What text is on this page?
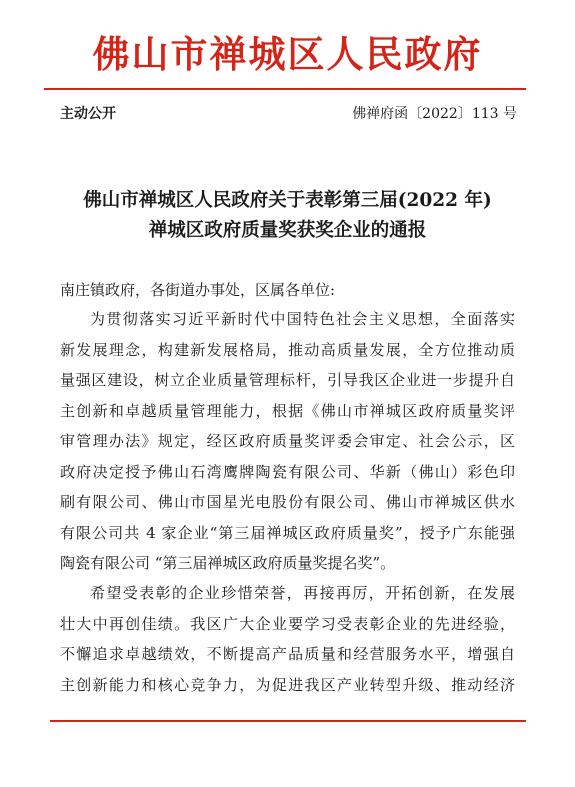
佛山市禅城区人民政府
主动公开	佛禅府函〔2022〕113 号
佛山市禅城区人民政府关于表彰第三届(2022 年)
禅城区政府质量奖获奖企业的通报
南庄镇政府，各街道办事处，区属各单位:
为贯彻落实习近平新时代中国特色社会主义思想，全面落实
新发展理念，构建新发展格局，推动高质量发展，全方位推动质
量强区建设，树立企业质量管理标杆，引导我区企业进一步提升自
主创新和卓越质量管理能力，根据《佛山市禅城区政府质量奖评
审管理办法》规定，经区政府质量奖评委会审定、社会公示，区
政府决定授予佛山石湾鹰牌陶瓷有限公司、华新（佛山）彩色印
刷有限公司、佛山市国星光电股份有限公司、佛山市禅城区供水
有限公司共 4 家企业“第三届禅城区政府质量奖”，授予广东能强
陶瓷有限公司 “第三届禅城区政府质量奖提名奖”。
希望受表彰的企业珍惜荣誉，再接再厉，开拓创新，在发展
壮大中再创佳绩。我区广大企业要学习受表彰企业的先进经验，
不懈追求卓越绩效，不断提高产品质量和经营服务水平，增强自
主创新能力和核心竞争力，为促进我区产业转型升级、推动经济
